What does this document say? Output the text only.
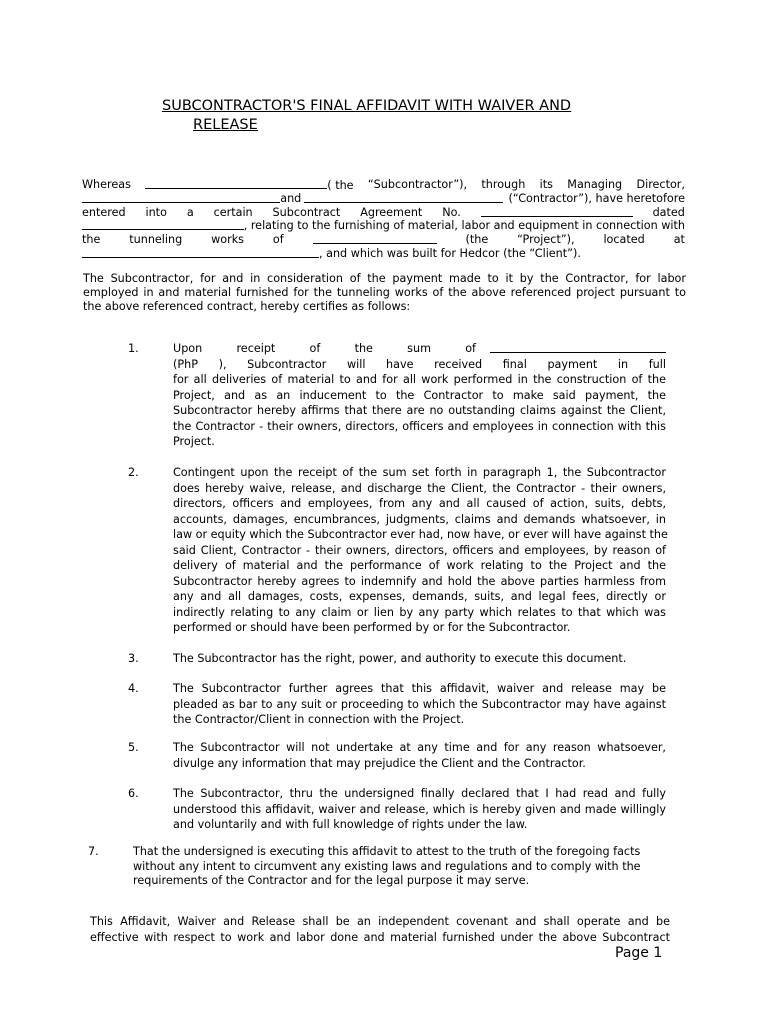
SUBCONTRACTOR'S FINAL AFFIDAVIT WITH WAIVER AND
RELEASE
Whereas	( the “Subcontractor”), through its Managing Director,
and	(“Contractor”), have heretofore
entered into a certain Subcontract Agreement No.	dated
, relating to the furnishing of material, labor and equipment in connection with
the	tunneling	works	of	(the	“Project”),	located	at
, and which was built for Hedcor (the “Client”).
The Subcontractor, for and in consideration of the payment made to it by the Contractor, for labor
employed in and material furnished for the tunneling works of the above referenced project pursuant to
the above referenced contract, hereby certifies as follows:
1.	Upon receipt of the sum of
(PhP ), Subcontractor will have received final payment in full
for all deliveries of material to and for all work performed in the construction of the
Project, and as an inducement to the Contractor to make said payment, the
Subcontractor hereby affirms that there are no outstanding claims against the Client,
the Contractor - their owners, directors, officers and employees in connection with this
Project.
2.	Contingent upon the receipt of the sum set forth in paragraph 1, the Subcontractor
does hereby waive, release, and discharge the Client, the Contractor - their owners,
directors, officers and employees, from any and all caused of action, suits, debts,
accounts, damages, encumbrances, judgments, claims and demands whatsoever, in
law or equity which the Subcontractor ever had, now have, or ever will have against the
said Client, Contractor - their owners, directors, officers and employees, by reason of
delivery of material and the performance of work relating to the Project and the
Subcontractor hereby agrees to indemnify and hold the above parties harmless from
any and all damages, costs, expenses, demands, suits, and legal fees, directly or
indirectly relating to any claim or lien by any party which relates to that which was
performed or should have been performed by or for the Subcontractor.
3.	The Subcontractor has the right, power, and authority to execute this document.
4.	The Subcontractor further agrees that this affidavit, waiver and release may be
pleaded as bar to any suit or proceeding to which the Subcontractor may have against
the Contractor/Client in connection with the Project.
5.	The Subcontractor will not undertake at any time and for any reason whatsoever,
divulge any information that may prejudice the Client and the Contractor.
6.	The Subcontractor, thru the undersigned finally declared that I had read and fully
understood this affidavit, waiver and release, which is hereby given and made willingly
and voluntarily and with full knowledge of rights under the law.
7.	That the undersigned is executing this affidavit to attest to the truth of the foregoing facts
without any intent to circumvent any existing laws and regulations and to comply with the
requirements of the Contractor and for the legal purpose it may serve.
This Affidavit, Waiver and Release shall be an independent covenant and shall operate and be
effective with respect to work and labor done and material furnished under the above Subcontract
Page 1
